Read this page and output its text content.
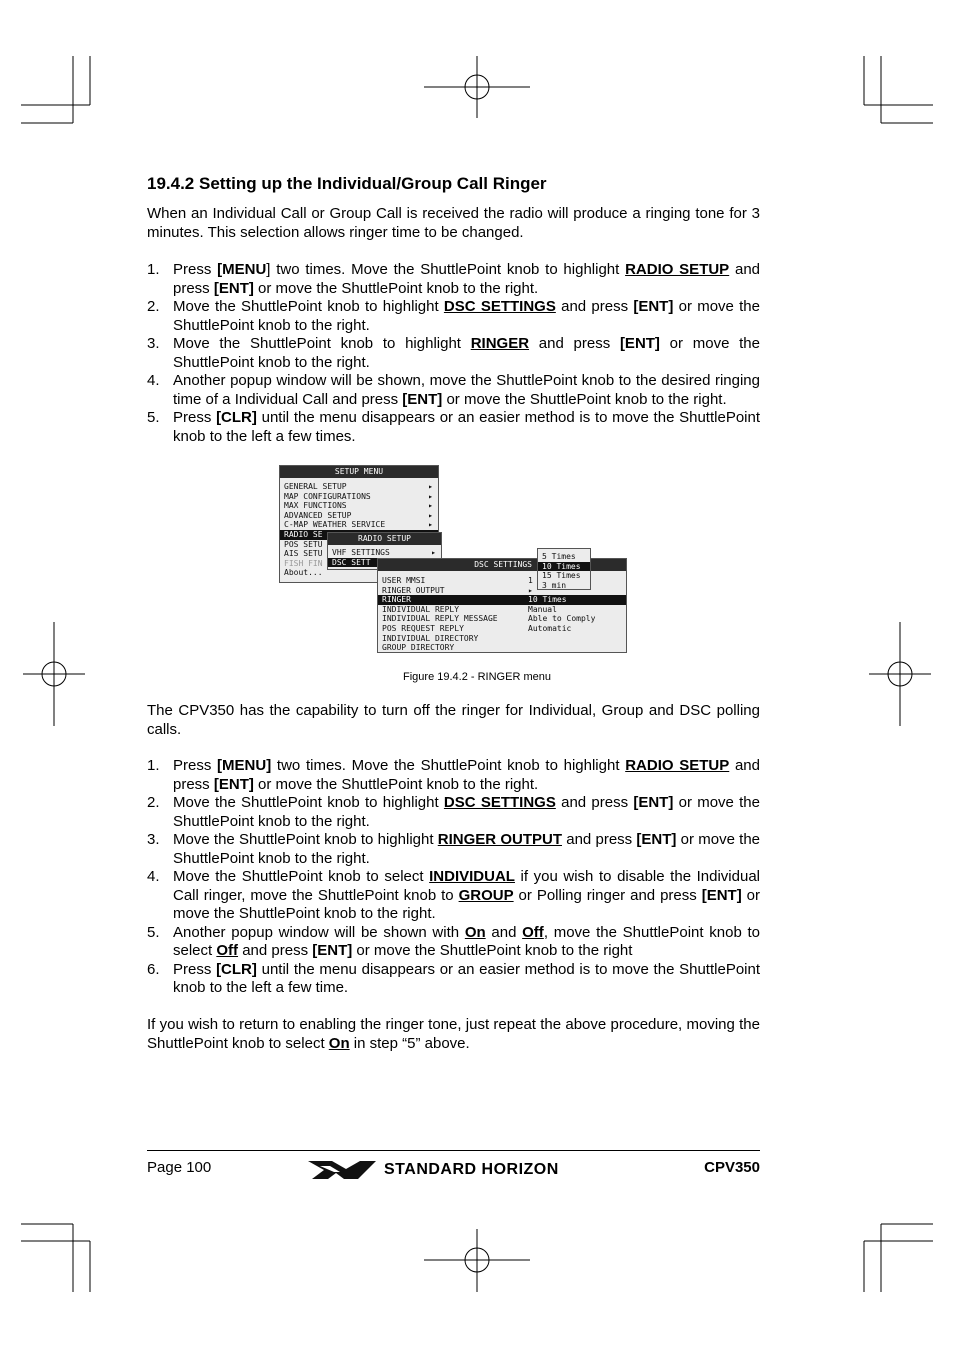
19.4.2 Setting up the Individual/Group Call Ringer

When an Individual Call or Group Call is received the radio will produce a ringing tone for 3 minutes. This selection allows ringer time to be changed.

1. Press [MENU] two times. Move the ShuttlePoint knob to highlight RADIO SETUP and press [ENT] or move the ShuttlePoint knob to the right.
2. Move the ShuttlePoint knob to highlight DSC SETTINGS and press [ENT] or move the ShuttlePoint knob to the right.
3. Move the ShuttlePoint knob to highlight RINGER and press [ENT] or move the ShuttlePoint knob to the right.
4. Another popup window will be shown, move the ShuttlePoint knob to the desired ringing time of a Individual Call and press [ENT] or move the ShuttlePoint knob to the right.
5. Press [CLR] until the menu disappears or an easier method is to move the ShuttlePoint knob to the left a few times.
SETUP MENU
GENERAL SETUP	▸
MAP CONFIGURATIONS	▸
MAX FUNCTIONS	▸
ADVANCED SETUP	▸
C-MAP WEATHER SERVICE	▸
RADIO SE
POS SETU
AIS SETU
FISH FIN
About...
RADIO SETUP
VHF SETTINGS	▸
DSC SETT	DSC SETTINGS
USER MMSI	1
RINGER OUTPUT	▸
RINGER	10 Times
INDIVIDUAL REPLY	Manual
INDIVIDUAL REPLY MESSAGE	Able to Comply
POS REQUEST REPLY	Automatic
INDIVIDUAL DIRECTORY
GROUP DIRECTORY
5 Times
10 Times
15 Times
3 min
Figure 19.4.2 - RINGER menu

The CPV350 has the capability to turn off the ringer for Individual, Group and DSC polling calls.

1. Press [MENU] two times. Move the ShuttlePoint knob to highlight RADIO SETUP and press [ENT] or move the ShuttlePoint knob to the right.
2. Move the ShuttlePoint knob to highlight DSC SETTINGS and press [ENT] or move the ShuttlePoint knob to the right.
3. Move the ShuttlePoint knob to highlight RINGER OUTPUT and press [ENT] or move the ShuttlePoint knob to the right.
4. Move the ShuttlePoint knob to select INDIVIDUAL if you wish to disable the Individual Call ringer, move the ShuttlePoint knob to GROUP or Polling ringer and press [ENT] or move the ShuttlePoint knob to the right.
5. Another popup window will be shown with On and Off, move the ShuttlePoint knob to select Off and press [ENT] or move the ShuttlePoint knob to the right
6. Press [CLR] until the menu disappears or an easier method is to move the ShuttlePoint knob to the left a few time.

If you wish to return to enabling the ringer tone, just repeat the above procedure, moving the ShuttlePoint knob to select On in step “5” above.

Page 100	STANDARD HORIZON	CPV350
